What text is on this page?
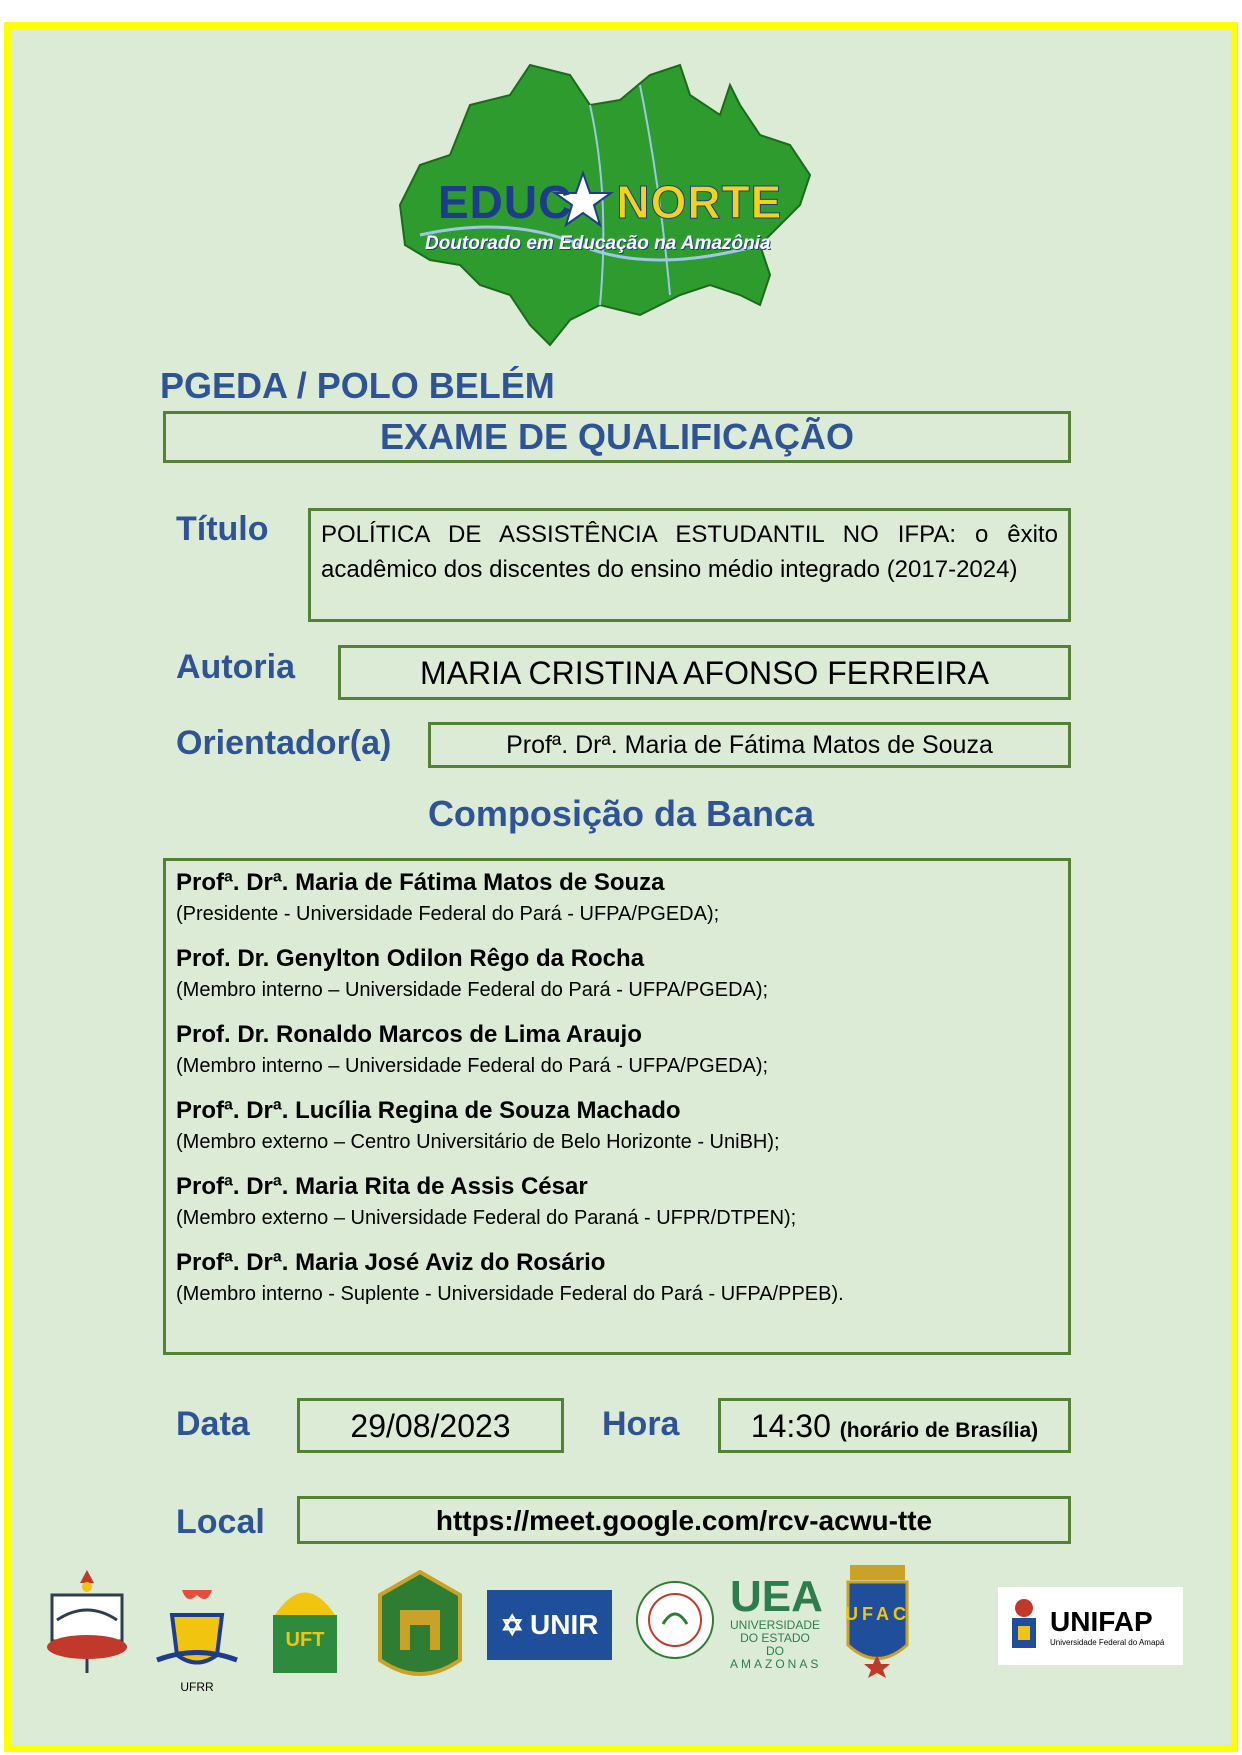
EDUC NORTE
Doutorado em Educação na Amazônia
PGEDA / POLO BELÉM
EXAME DE QUALIFICAÇÃO
Título	POLÍTICA DE ASSISTÊNCIA ESTUDANTIL NO IFPA: o êxito acadêmico dos discentes do ensino médio integrado (2017-2024)
Autoria	MARIA CRISTINA AFONSO FERREIRA
Orientador(a)	Profª. Drª. Maria de Fátima Matos de Souza
Composição da Banca
Profª. Drª. Maria de Fátima Matos de Souza
(Presidente - Universidade Federal do Pará - UFPA/PGEDA);
Prof. Dr. Genylton Odilon Rêgo da Rocha
(Membro interno – Universidade Federal do Pará - UFPA/PGEDA);
Prof. Dr. Ronaldo Marcos de Lima Araujo
(Membro interno – Universidade Federal do Pará - UFPA/PGEDA);
Profª. Drª. Lucília Regina de Souza Machado
(Membro externo – Centro Universitário de Belo Horizonte - UniBH);
Profª. Drª. Maria Rita de Assis César
(Membro externo – Universidade Federal do Paraná - UFPR/DTPEN);
Profª. Drª. Maria José Aviz do Rosário
(Membro interno - Suplente - Universidade Federal do Pará - UFPA/PPEB).
Data	29/08/2023	Hora	14:30 (horário de Brasília)
Local	https://meet.google.com/rcv-acwu-tte
UFRR
UFT	✡ UNIR
UEA
UNIVERSIDADE
DO ESTADO DO
AMAZONAS
UFAC	UNIFAP
Universidade Federal do Amapá
